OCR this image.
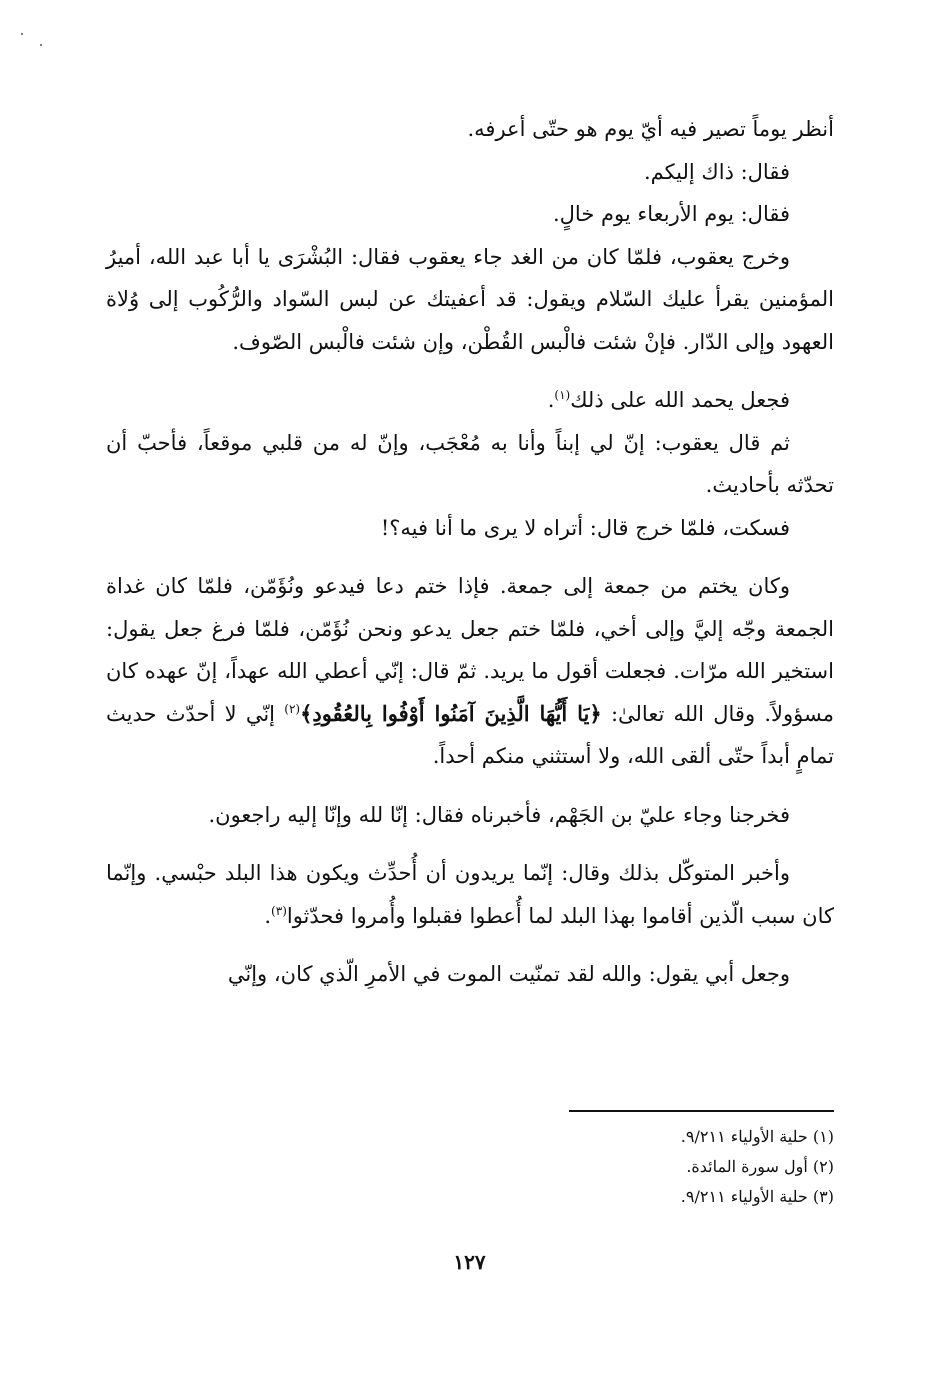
أنظر يوماً تصير فيه أيّ يوم هو حتّى أعرفه.

فقال: ذاك إليكم.

فقال: يوم الأربعاء يوم خالٍ.

وخرج يعقوب، فلمّا كان من الغد جاء يعقوب فقال: البُشْرَى يا أبا عبد الله، أميرُ المؤمنين يقرأ عليك السّلام ويقول: قد أعفيتك عن لبس السّواد والرُّكُوب إلى وُلاة العهود وإلى الدّار. فإنْ شئت فالْبس القُطْن، وإن شئت فالْبس الصّوف.

فجعل يحمد الله على ذلك$^{(١)}$.

ثم قال يعقوب: إنّ لي إبناً وأنا به مُعْجَب، وإنّ له من قلبي موقعاً، فأحبّ أن تحدّثه بأحاديث.

فسكت، فلمّا خرج قال: أتراه لا يرى ما أنا فيه؟!

وكان يختم من جمعة إلى جمعة. فإذا ختم دعا فيدعو ونُؤَمّن، فلمّا كان غداة الجمعة وجّه إليَّ وإلى أخي، فلمّا ختم جعل يدعو ونحن نُؤَمّن، فلمّا فرغ جعل يقول: استخير الله مرّات. فجعلت أقول ما يريد. ثمّ قال: إنّي أعطي الله عهداً، إنّ عهده كان مسؤولاً. وقال الله تعالىٰ: ﴿يَا أَيُّهَا الَّذِينَ آمَنُوا أَوْفُوا بِالعُقُودِ﴾$^{(٢)}$ إنّي لا أحدّث حديث تمامٍ أبداً حتّى ألقى الله، ولا أستثني منكم أحداً.

فخرجنا وجاء عليّ بن الجَهْم، فأخبرناه فقال: إنّا لله وإنّا إليه راجعون.

وأخبر المتوكّل بذلك وقال: إنّما يريدون أن أُحدِّث ويكون هذا البلد حبْسي. وإنّما كان سبب الّذين أقاموا بهذا البلد لما أُعطوا فقبلوا وأُمروا فحدّثوا$^{(٣)}$.

وجعل أبي يقول: والله لقد تمنّيت الموت في الأمرِ الّذي كان، وإنّي

(١) حلية الأولياء ٩/٢١١.
(٢) أول سورة المائدة.
(٣) حلية الأولياء ٩/٢١١.
١٢٧
